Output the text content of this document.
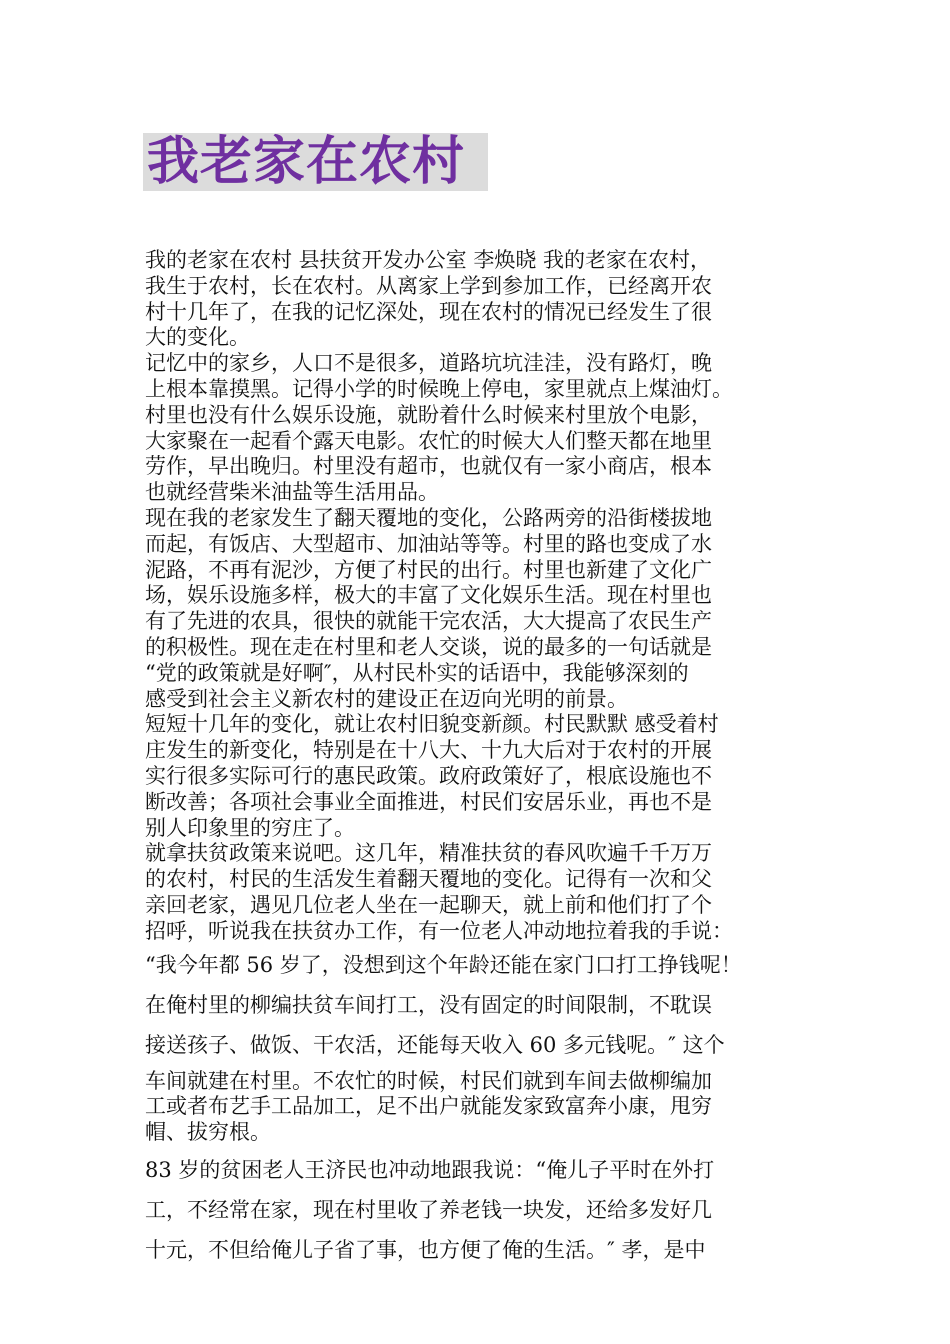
我老家在农村
我的老家在农村 县扶贫开发办公室 李焕晓 我的老家在农村，
我生于农村，长在农村。从离家上学到参加工作，已经离开农
村十几年了，在我的记忆深处，现在农村的情况已经发生了很
大的变化。
记忆中的家乡，人口不是很多，道路坑坑洼洼，没有路灯，晚
上根本靠摸黑。记得小学的时候晚上停电，家里就点上煤油灯。
村里也没有什么娱乐设施，就盼着什么时候来村里放个电影，
大家聚在一起看个露天电影。农忙的时候大人们整天都在地里
劳作，早出晚归。村里没有超市，也就仅有一家小商店，根本
也就经营柴米油盐等生活用品。
现在我的老家发生了翻天覆地的变化，公路两旁的沿街楼拔地
而起，有饭店、大型超市、加油站等等。村里的路也变成了水
泥路，不再有泥沙，方便了村民的出行。村里也新建了文化广
场，娱乐设施多样，极大的丰富了文化娱乐生活。现在村里也
有了先进的农具，很快的就能干完农活，大大提高了农民生产
的积极性。现在走在村里和老人交谈，说的最多的一句话就是
“党的政策就是好啊″，从村民朴实的话语中，我能够深刻的
感受到社会主义新农村的建设正在迈向光明的前景。
短短十几年的变化，就让农村旧貌变新颜。村民默默 感受着村
庄发生的新变化，特别是在十八大、十九大后对于农村的开展
实行很多实际可行的惠民政策。政府政策好了，根底设施也不
断改善；各项社会事业全面推进，村民们安居乐业，再也不是
别人印象里的穷庄了。
就拿扶贫政策来说吧。这几年，精准扶贫的春风吹遍千千万万
的农村，村民的生活发生着翻天覆地的变化。记得有一次和父
亲回老家，遇见几位老人坐在一起聊天，就上前和他们打了个
招呼，听说我在扶贫办工作，有一位老人冲动地拉着我的手说：
“我今年都 56 岁了，没想到这个年龄还能在家门口打工挣钱呢！
在俺村里的柳编扶贫车间打工，没有固定的时间限制，不耽误
接送孩子、做饭、干农活，还能每天收入 60 多元钱呢。″ 这个
车间就建在村里。不农忙的时候，村民们就到车间去做柳编加
工或者布艺手工品加工，足不出户就能发家致富奔小康，甩穷
帽、拔穷根。
83 岁的贫困老人王济民也冲动地跟我说：“俺儿子平时在外打
工，不经常在家，现在村里收了养老钱一块发，还给多发好几
十元，不但给俺儿子省了事，也方便了俺的生活。″ 孝，是中
